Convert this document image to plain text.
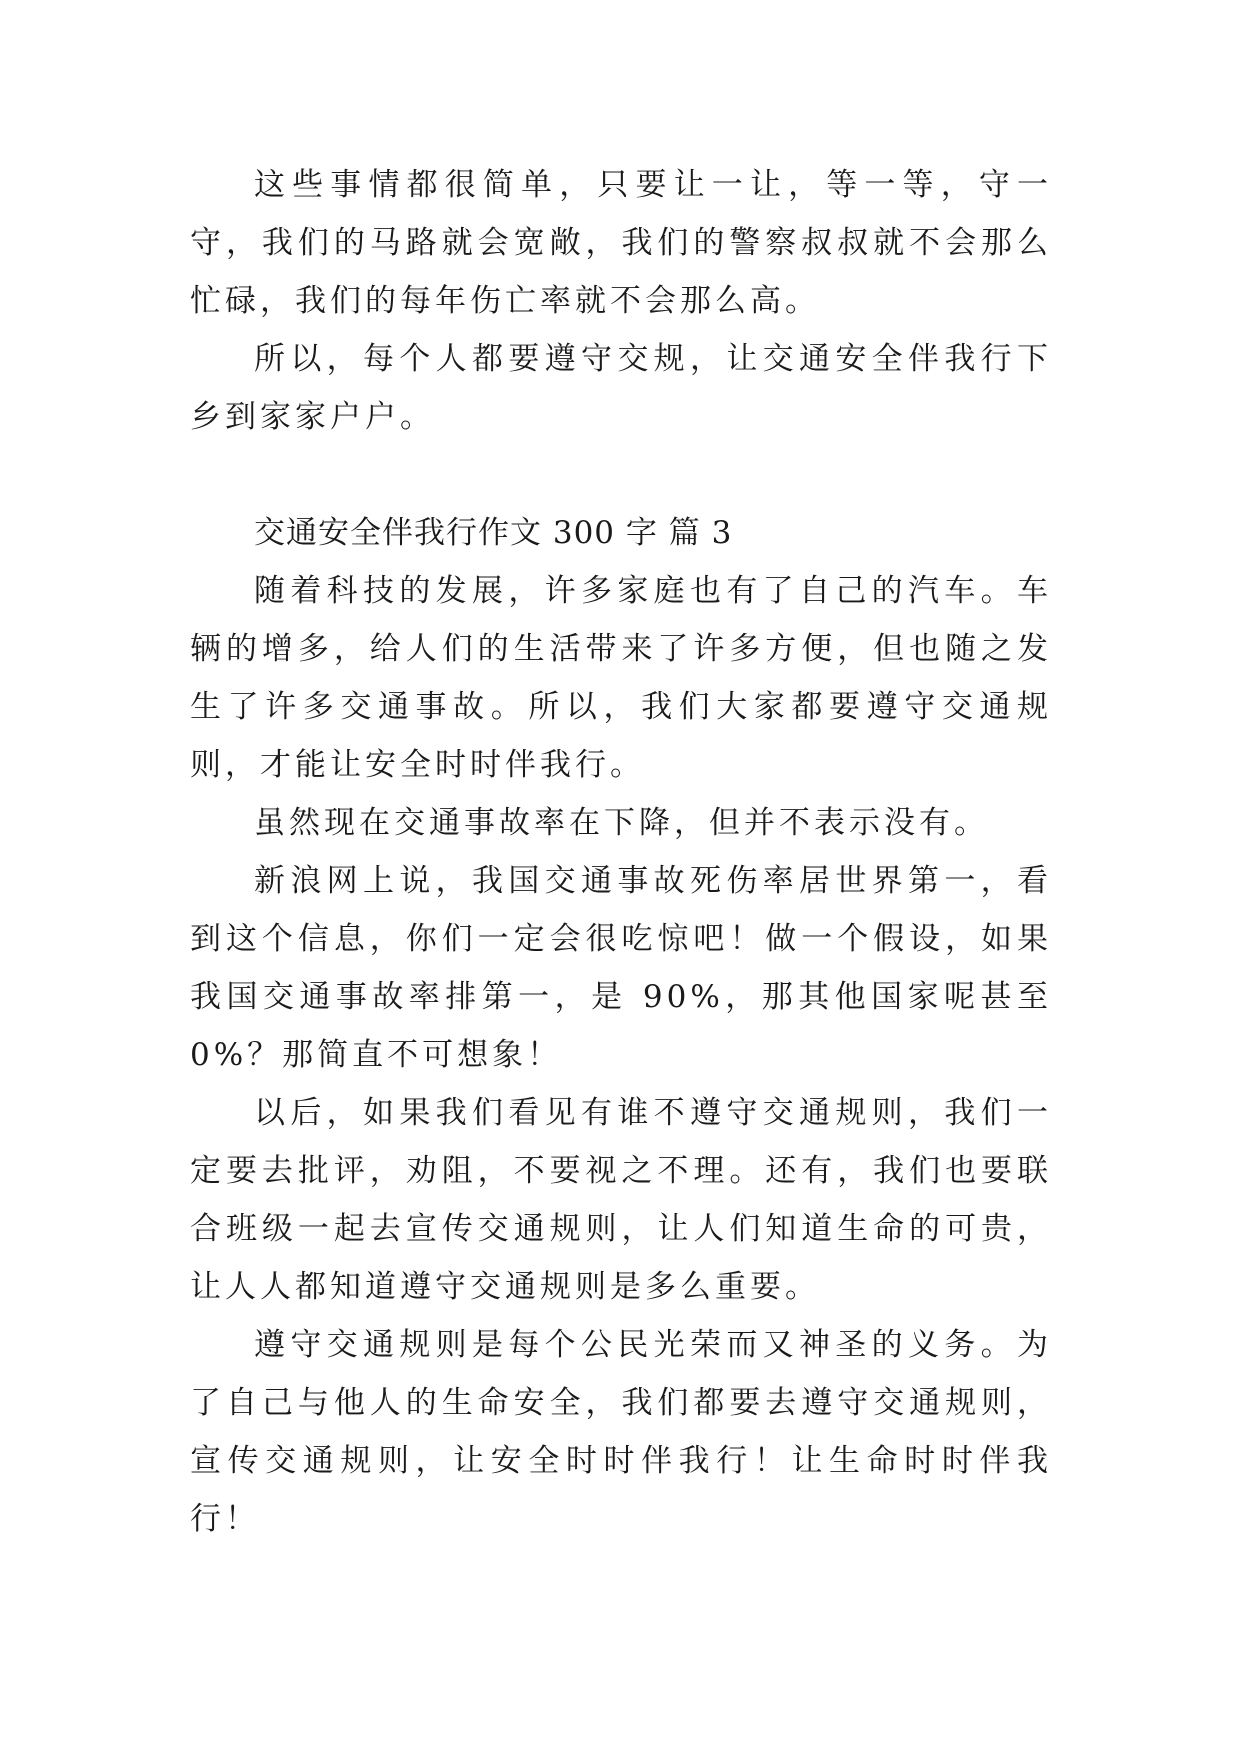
这些事情都很简单，只要让一让，等一等，守一守，我们的马路就会宽敞，我们的警察叔叔就不会那么忙碌，我们的每年伤亡率就不会那么高。

所以，每个人都要遵守交规，让交通安全伴我行下乡到家家户户。

交通安全伴我行作文 300 字 篇 3

随着科技的发展，许多家庭也有了自己的汽车。车辆的增多，给人们的生活带来了许多方便，但也随之发生了许多交通事故。所以，我们大家都要遵守交通规则，才能让安全时时伴我行。

虽然现在交通事故率在下降，但并不表示没有。

新浪网上说，我国交通事故死伤率居世界第一，看到这个信息，你们一定会很吃惊吧！做一个假设，如果我国交通事故率排第一，是 90%，那其他国家呢甚至 0%？那简直不可想象！

以后，如果我们看见有谁不遵守交通规则，我们一定要去批评，劝阻，不要视之不理。还有，我们也要联合班级一起去宣传交通规则，让人们知道生命的可贵，让人人都知道遵守交通规则是多么重要。

遵守交通规则是每个公民光荣而又神圣的义务。为了自己与他人的生命安全，我们都要去遵守交通规则，宣传交通规则，让安全时时伴我行！让生命时时伴我行！
